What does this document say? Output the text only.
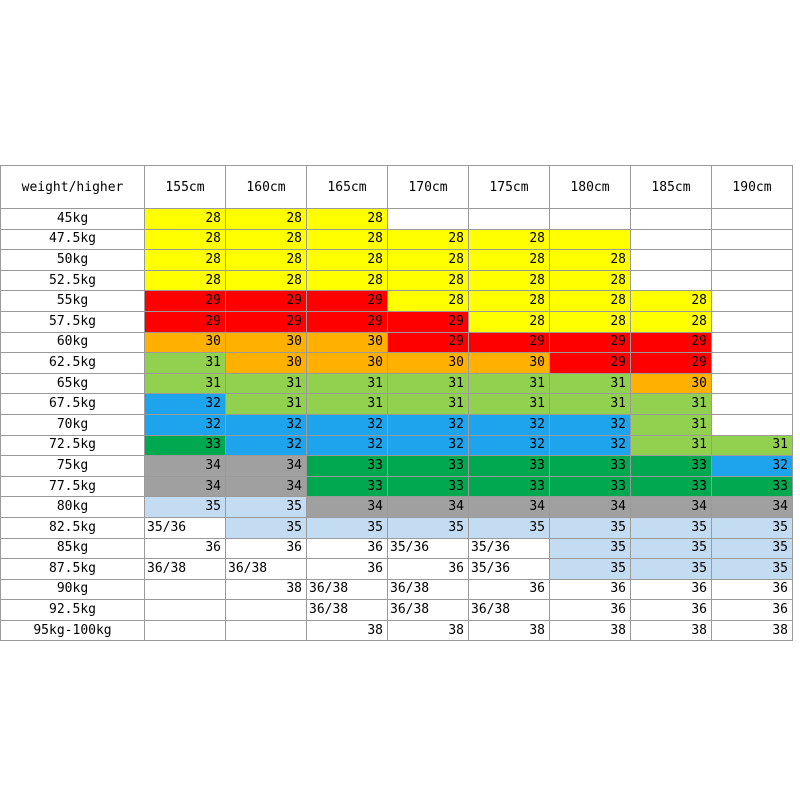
weight/higher	155cm	160cm	165cm	170cm	175cm	180cm	185cm	190cm
45kg	28	28	28					
47.5kg	28	28	28	28	28			
50kg	28	28	28	28	28	28		
52.5kg	28	28	28	28	28	28		
55kg	29	29	29	28	28	28	28	
57.5kg	29	29	29	29	28	28	28	
60kg	30	30	30	29	29	29	29	
62.5kg	31	30	30	30	30	29	29	
65kg	31	31	31	31	31	31	30	
67.5kg	32	31	31	31	31	31	31	
70kg	32	32	32	32	32	32	31	
72.5kg	33	32	32	32	32	32	31	31
75kg	34	34	33	33	33	33	33	32
77.5kg	34	34	33	33	33	33	33	33
80kg	35	35	34	34	34	34	34	34
82.5kg	35/36	35	35	35	35	35	35	35
85kg	36	36	36	35/36	35/36	35	35	35
87.5kg	36/38	36/38	36	36	35/36	35	35	35
90kg		38	36/38	36/38	36	36	36	36
92.5kg			36/38	36/38	36/38	36	36	36
95kg-100kg			38	38	38	38	38	38
